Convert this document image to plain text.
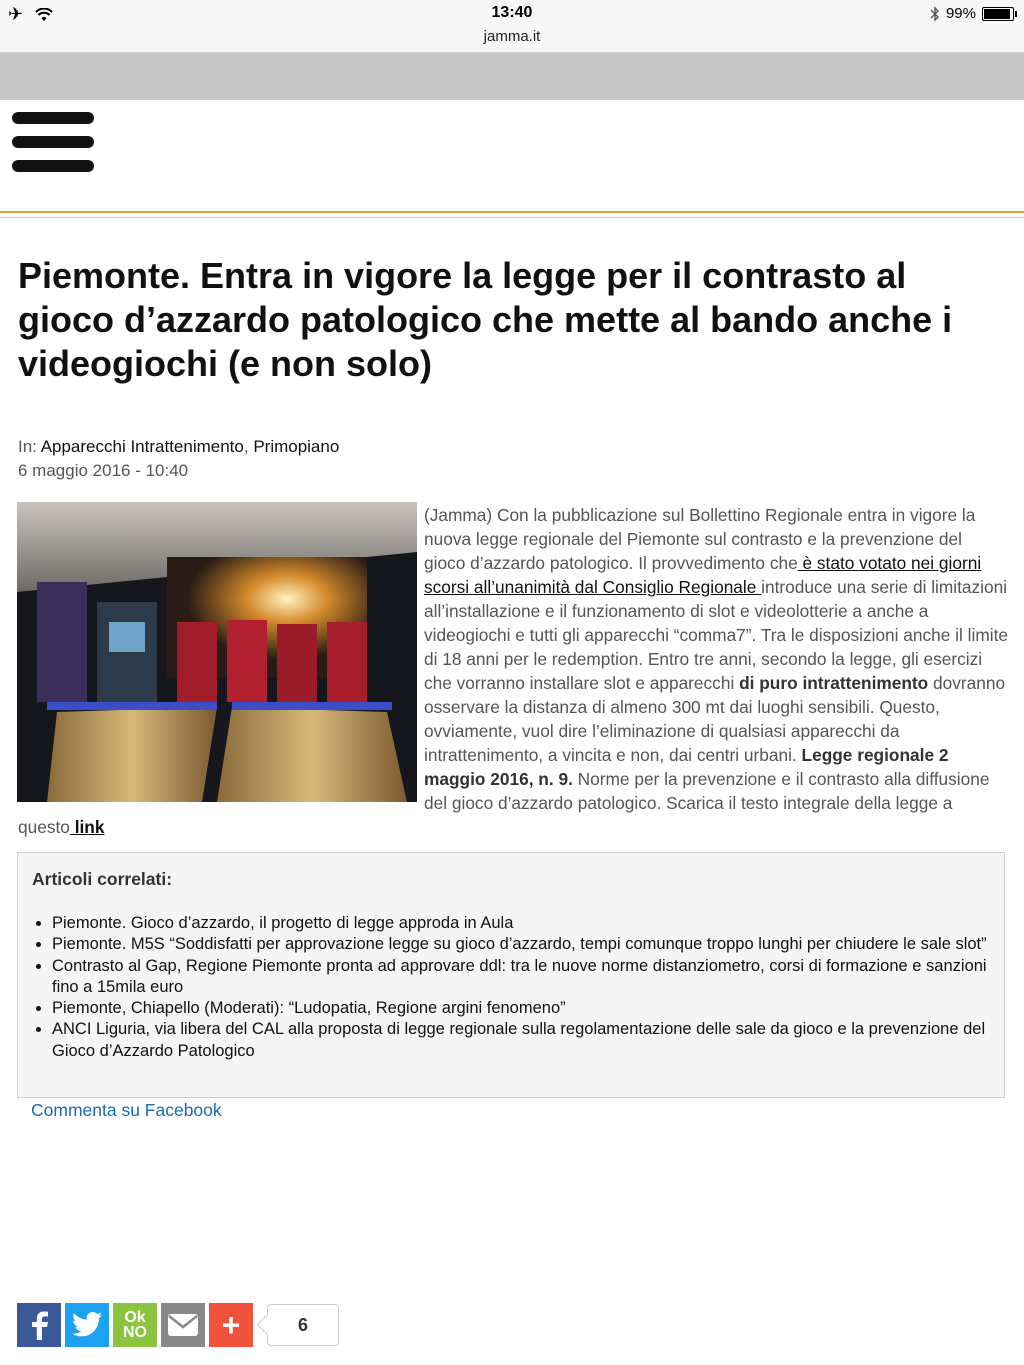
✈	13:40
jamma.it
99%
Piemonte. Entra in vigore la legge per il contrasto al gioco d’azzardo patologico che mette al bando anche i videogiochi (e non solo)
In: Apparecchi Intrattenimento, Primopiano
6 maggio 2016 - 10:40
(Jamma) Con la pubblicazione sul Bollettino Regionale entra in vigore la nuova legge regionale del Piemonte sul contrasto e la prevenzione del gioco d’azzardo patologico. Il provvedimento che è stato votato nei giorni scorsi all’unanimità dal Consiglio Regionale introduce una serie di limitazioni all’installazione e il funzionamento di slot e videolotterie a anche a videogiochi e tutti gli apparecchi “comma7”. Tra le disposizioni anche il limite di 18 anni per le redemption. Entro tre anni, secondo la legge, gli esercizi che vorranno installare slot e apparecchi di puro intrattenimento dovranno osservare la distanza di almeno 300 mt dai luoghi sensibili. Questo, ovviamente, vuol dire l’eliminazione di qualsiasi apparecchi da intrattenimento, a vincita e non, dai centri urbani. Legge regionale 2 maggio 2016, n. 9. Norme per la prevenzione e il contrasto alla diffusione del gioco d’azzardo patologico. Scarica il testo integrale della legge a questo link
Articoli correlati:
• Piemonte. Gioco d’azzardo, il progetto di legge approda in Aula
• Piemonte. M5S “Soddisfatti per approvazione legge su gioco d’azzardo, tempi comunque troppo lunghi per chiudere le sale slot”
• Contrasto al Gap, Regione Piemonte pronta ad approvare ddl: tra le nuove norme distanziometro, corsi di formazione e sanzioni fino a 15mila euro
• Piemonte, Chiapello (Moderati): “Ludopatia, Regione argini fenomeno”
• ANCI Liguria, via libera del CAL alla proposta di legge regionale sulla regolamentazione delle sale da gioco e la prevenzione del Gioco d’Azzardo Patologico
Commenta su Facebook
Ok
NO +	6
